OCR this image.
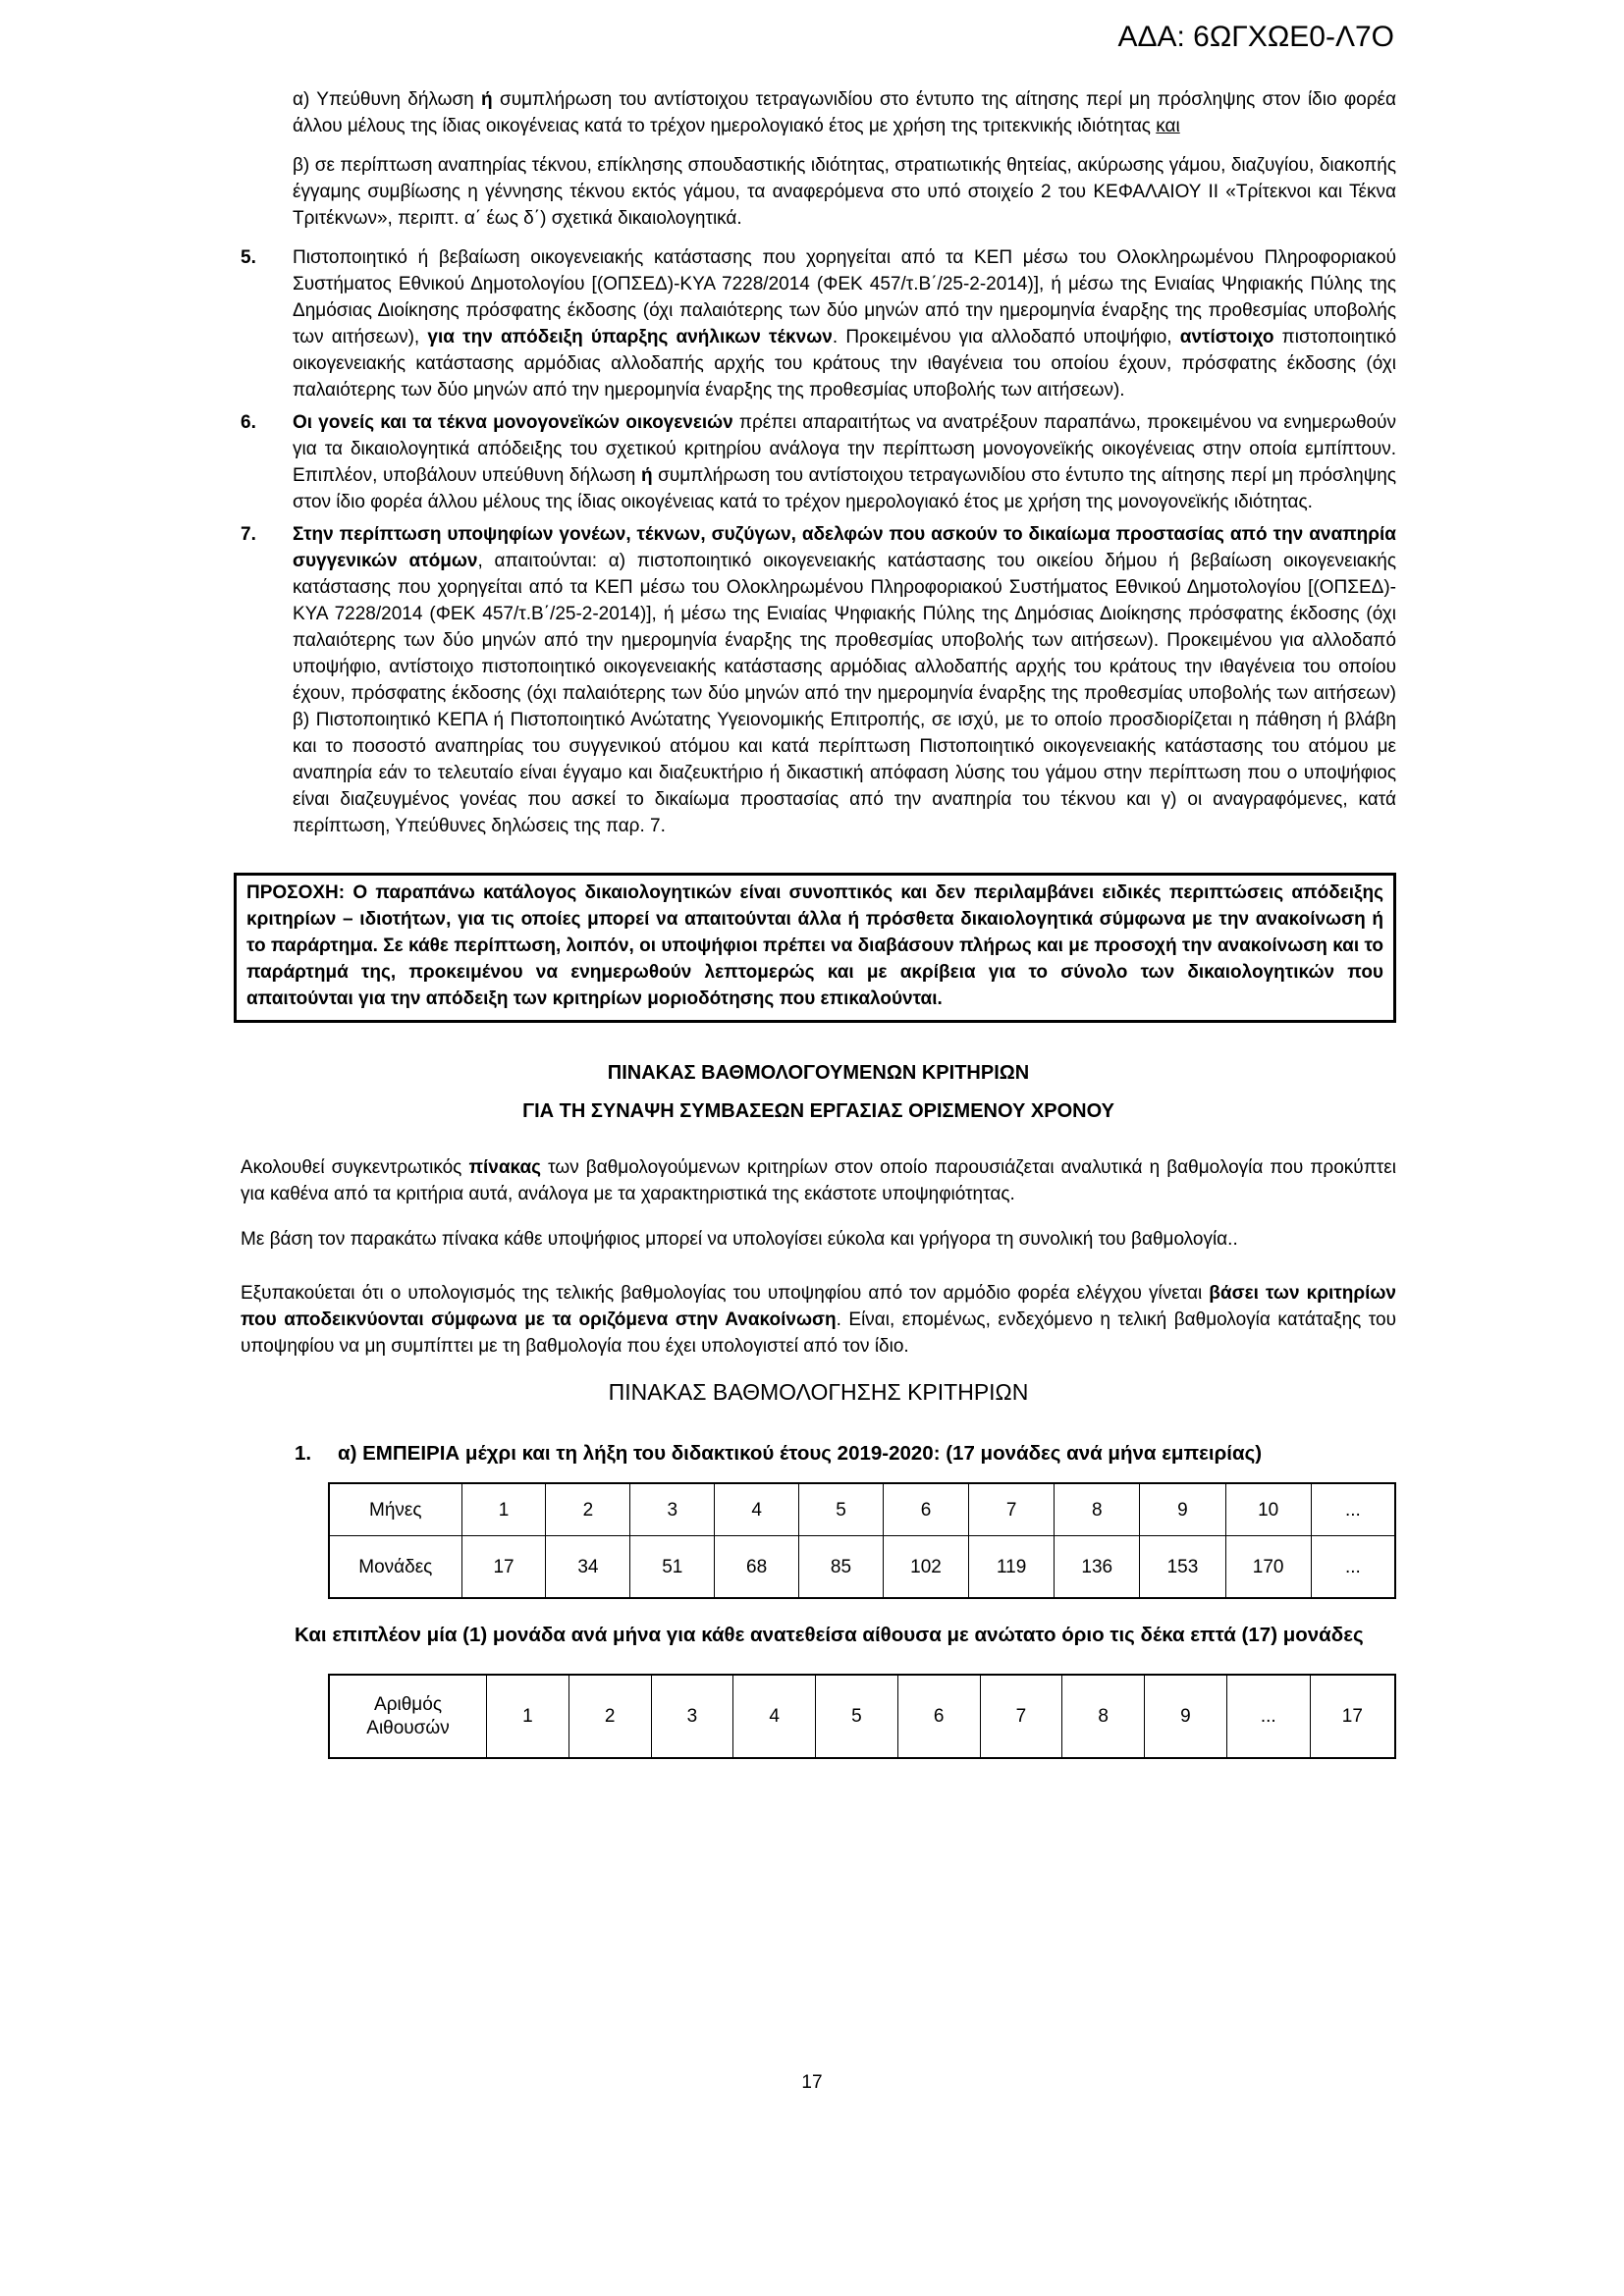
ΑΔΑ: 6ΩΓΧΩΕ0-Λ7Ο

α) Υπεύθυνη δήλωση ή συμπλήρωση του αντίστοιχου τετραγωνιδίου στο έντυπο της αίτησης περί μη πρόσληψης στον ίδιο φορέα άλλου μέλους της ίδιας οικογένειας κατά το τρέχον ημερολογιακό έτος με χρήση της τριτεκνικής ιδιότητας και

β) σε περίπτωση αναπηρίας τέκνου, επίκλησης σπουδαστικής ιδιότητας, στρατιωτικής θητείας, ακύρωσης γάμου, διαζυγίου, διακοπής έγγαμης συμβίωσης η γέννησης τέκνου εκτός γάμου, τα αναφερόμενα στο υπό στοιχείο 2 του ΚΕΦΑΛΑΙΟΥ ΙΙ «Τρίτεκνοι και Τέκνα Τριτέκνων», περιπτ. α΄ έως δ΄) σχετικά δικαιολογητικά.

5.	Πιστοποιητικό ή βεβαίωση οικογενειακής κατάστασης που χορηγείται από τα ΚΕΠ μέσω του Ολοκληρωμένου Πληροφοριακού Συστήματος Εθνικού Δημοτολογίου [(ΟΠΣΕΔ)-ΚΥΑ 7228/2014 (ΦΕΚ 457/τ.Β΄/25-2-2014)], ή μέσω της Ενιαίας Ψηφιακής Πύλης της Δημόσιας Διοίκησης πρόσφατης έκδοσης (όχι παλαιότερης των δύο μηνών από την ημερομηνία έναρξης της προθεσμίας υποβολής των αιτήσεων), για την απόδειξη ύπαρξης ανήλικων τέκνων. Προκειμένου για αλλοδαπό υποψήφιο, αντίστοιχο πιστοποιητικό οικογενειακής κατάστασης αρμόδιας αλλοδαπής αρχής του κράτους την ιθαγένεια του οποίου έχουν, πρόσφατης έκδοσης (όχι παλαιότερης των δύο μηνών από την ημερομηνία έναρξης της προθεσμίας υποβολής των αιτήσεων).
6.	Οι γονείς και τα τέκνα μονογονεϊκών οικογενειών πρέπει απαραιτήτως να ανατρέξουν παραπάνω, προκειμένου να ενημερωθούν για τα δικαιολογητικά απόδειξης του σχετικού κριτηρίου ανάλογα την περίπτωση μονογονεϊκής οικογένειας στην οποία εμπίπτουν. Επιπλέον, υποβάλουν υπεύθυνη δήλωση ή συμπλήρωση του αντίστοιχου τετραγωνιδίου στο έντυπο της αίτησης περί μη πρόσληψης στον ίδιο φορέα άλλου μέλους της ίδιας οικογένειας κατά το τρέχον ημερολογιακό έτος με χρήση της μονογονεϊκής ιδιότητας.
7.	Στην περίπτωση υποψηφίων γονέων, τέκνων, συζύγων, αδελφών που ασκούν το δικαίωμα προστασίας από την αναπηρία συγγενικών ατόμων, απαιτούνται: α) πιστοποιητικό οικογενειακής κατάστασης του οικείου δήμου ή βεβαίωση οικογενειακής κατάστασης που χορηγείται από τα ΚΕΠ μέσω του Ολοκληρωμένου Πληροφοριακού Συστήματος Εθνικού Δημοτολογίου [(ΟΠΣΕΔ)-ΚΥΑ 7228/2014 (ΦΕΚ 457/τ.Β΄/25-2-2014)], ή μέσω της Ενιαίας Ψηφιακής Πύλης της Δημόσιας Διοίκησης πρόσφατης έκδοσης (όχι παλαιότερης των δύο μηνών από την ημερομηνία έναρξης της προθεσμίας υποβολής των αιτήσεων). Προκειμένου για αλλοδαπό υποψήφιο, αντίστοιχο πιστοποιητικό οικογενειακής κατάστασης αρμόδιας αλλοδαπής αρχής του κράτους την ιθαγένεια του οποίου έχουν, πρόσφατης έκδοσης (όχι παλαιότερης των δύο μηνών από την ημερομηνία έναρξης της προθεσμίας υποβολής των αιτήσεων) β) Πιστοποιητικό ΚΕΠΑ ή Πιστοποιητικό Ανώτατης Υγειονομικής Επιτροπής, σε ισχύ, με το οποίο προσδιορίζεται η πάθηση ή βλάβη και το ποσοστό αναπηρίας του συγγενικού ατόμου και κατά περίπτωση Πιστοποιητικό οικογενειακής κατάστασης του ατόμου με αναπηρία εάν το τελευταίο είναι έγγαμο και διαζευκτήριο ή δικαστική απόφαση λύσης του γάμου στην περίπτωση που ο υποψήφιος είναι διαζευγμένος γονέας που ασκεί το δικαίωμα προστασίας από την αναπηρία του τέκνου και γ) οι αναγραφόμενες, κατά περίπτωση, Υπεύθυνες δηλώσεις της παρ. 7.
ΠΡΟΣΟΧΗ: Ο παραπάνω κατάλογος δικαιολογητικών είναι συνοπτικός και δεν περιλαμβάνει ειδικές περιπτώσεις απόδειξης κριτηρίων – ιδιοτήτων, για τις οποίες μπορεί να απαιτούνται άλλα ή πρόσθετα δικαιολογητικά σύμφωνα με την ανακοίνωση ή το παράρτημα. Σε κάθε περίπτωση, λοιπόν, οι υποψήφιοι πρέπει να διαβάσουν πλήρως και με προσοχή την ανακοίνωση και το παράρτημά της, προκειμένου να ενημερωθούν λεπτομερώς και με ακρίβεια για το σύνολο των δικαιολογητικών που απαιτούνται για την απόδειξη των κριτηρίων μοριοδότησης που επικαλούνται.

ΠΙΝΑΚΑΣ ΒΑΘΜΟΛΟΓΟΥΜΕΝΩΝ ΚΡΙΤΗΡΙΩΝ

ΓΙΑ ΤΗ ΣΥΝΑΨΗ ΣΥΜΒΑΣΕΩΝ ΕΡΓΑΣΙΑΣ ΟΡΙΣΜΕΝΟΥ ΧΡΟΝΟΥ

Ακολουθεί συγκεντρωτικός πίνακας των βαθμολογούμενων κριτηρίων στον οποίο παρουσιάζεται αναλυτικά η βαθμολογία που προκύπτει για καθένα από τα κριτήρια αυτά, ανάλογα με τα χαρακτηριστικά της εκάστοτε υποψηφιότητας.

Με βάση τον παρακάτω πίνακα κάθε υποψήφιος μπορεί να υπολογίσει εύκολα και γρήγορα τη συνολική του βαθμολογία..

Εξυπακούεται ότι ο υπολογισμός της τελικής βαθμολογίας του υποψηφίου από τον αρμόδιο φορέα ελέγχου γίνεται βάσει των κριτηρίων που αποδεικνύονται σύμφωνα με τα οριζόμενα στην Ανακοίνωση. Είναι, επομένως, ενδεχόμενο η τελική βαθμολογία κατάταξης του υποψηφίου να μη συμπίπτει με τη βαθμολογία που έχει υπολογιστεί από τον ίδιο.

ΠΙΝΑΚΑΣ ΒΑΘΜΟΛΟΓΗΣΗΣ ΚΡΙΤΗΡΙΩΝ

1.	α) ΕΜΠΕΙΡΙΑ μέχρι και τη λήξη του διδακτικού έτους 2019-2020: (17 μονάδες ανά μήνα εμπειρίας)
Μήνες	1	2	3	4	5	6	7	8	9	10	...
Μονάδες	17	34	51	68	85	102	119	136	153	170	...

Και επιπλέον μία (1) μονάδα ανά μήνα για κάθε ανατεθείσα αίθουσα με ανώτατο όριο τις δέκα επτά (17) μονάδες

Αριθμός Αιθουσών	1	2	3	4	5	6	7	8	9	...	17
17
